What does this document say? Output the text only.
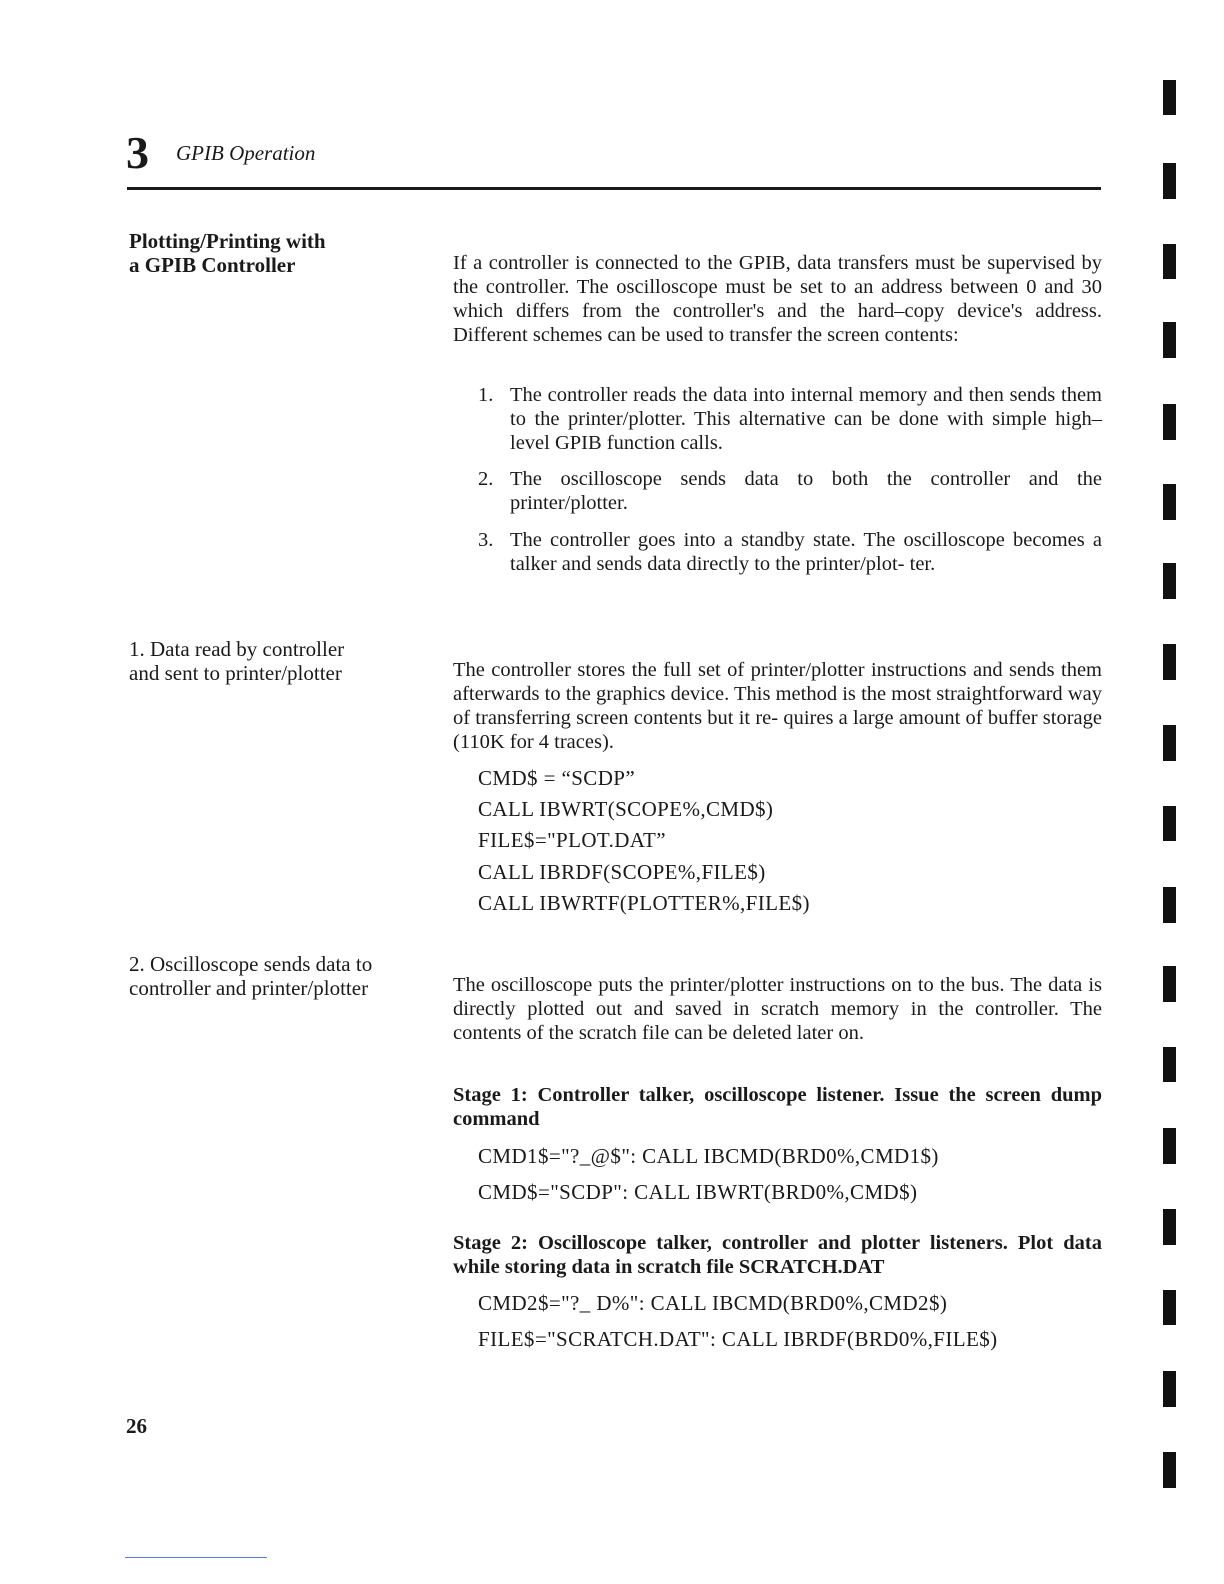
3 GPIB Operation
Plotting/Printing with
a GPIB Controller	If a controller is connected to the GPIB, data transfers must be supervised by the controller. The oscilloscope must be set to an address between 0 and 30 which differs from the controller's and the hard–copy device's address. Different schemes can be used to transfer the screen contents:
1. The controller reads the data into internal memory and then sends them to the printer/plotter. This alternative can be done with simple high–level GPIB function calls.
2. The oscilloscope sends data to both the controller and the printer/plotter.
3. The controller goes into a standby state. The oscilloscope becomes a talker and sends data directly to the printer/plot- ter.
1. Data read by controller
and sent to printer/plotter	The controller stores the full set of printer/plotter instructions and sends them afterwards to the graphics device. This method is the most straightforward way of transferring screen contents but it re- quires a large amount of buffer storage (110K for 4 traces).
CMD$ = “SCDP”
CALL IBWRT(SCOPE%,CMD$)
FILE$="PLOT.DAT”
CALL IBRDF(SCOPE%,FILE$)
CALL IBWRTF(PLOTTER%,FILE$)
2. Oscilloscope sends data to
controller and printer/plotter	The oscilloscope puts the printer/plotter instructions on to the bus. The data is directly plotted out and saved in scratch memory in the controller. The contents of the scratch file can be deleted later on.
Stage 1: Controller talker, oscilloscope listener. Issue the screen dump command
CMD1$="?_@$": CALL IBCMD(BRD0%,CMD1$)
CMD$="SCDP": CALL IBWRT(BRD0%,CMD$)
Stage 2: Oscilloscope talker, controller and plotter listeners. Plot data while storing data in scratch file SCRATCH.DAT
CMD2$="?_ D%": CALL IBCMD(BRD0%,CMD2$)
FILE$="SCRATCH.DAT": CALL IBRDF(BRD0%,FILE$)
26
